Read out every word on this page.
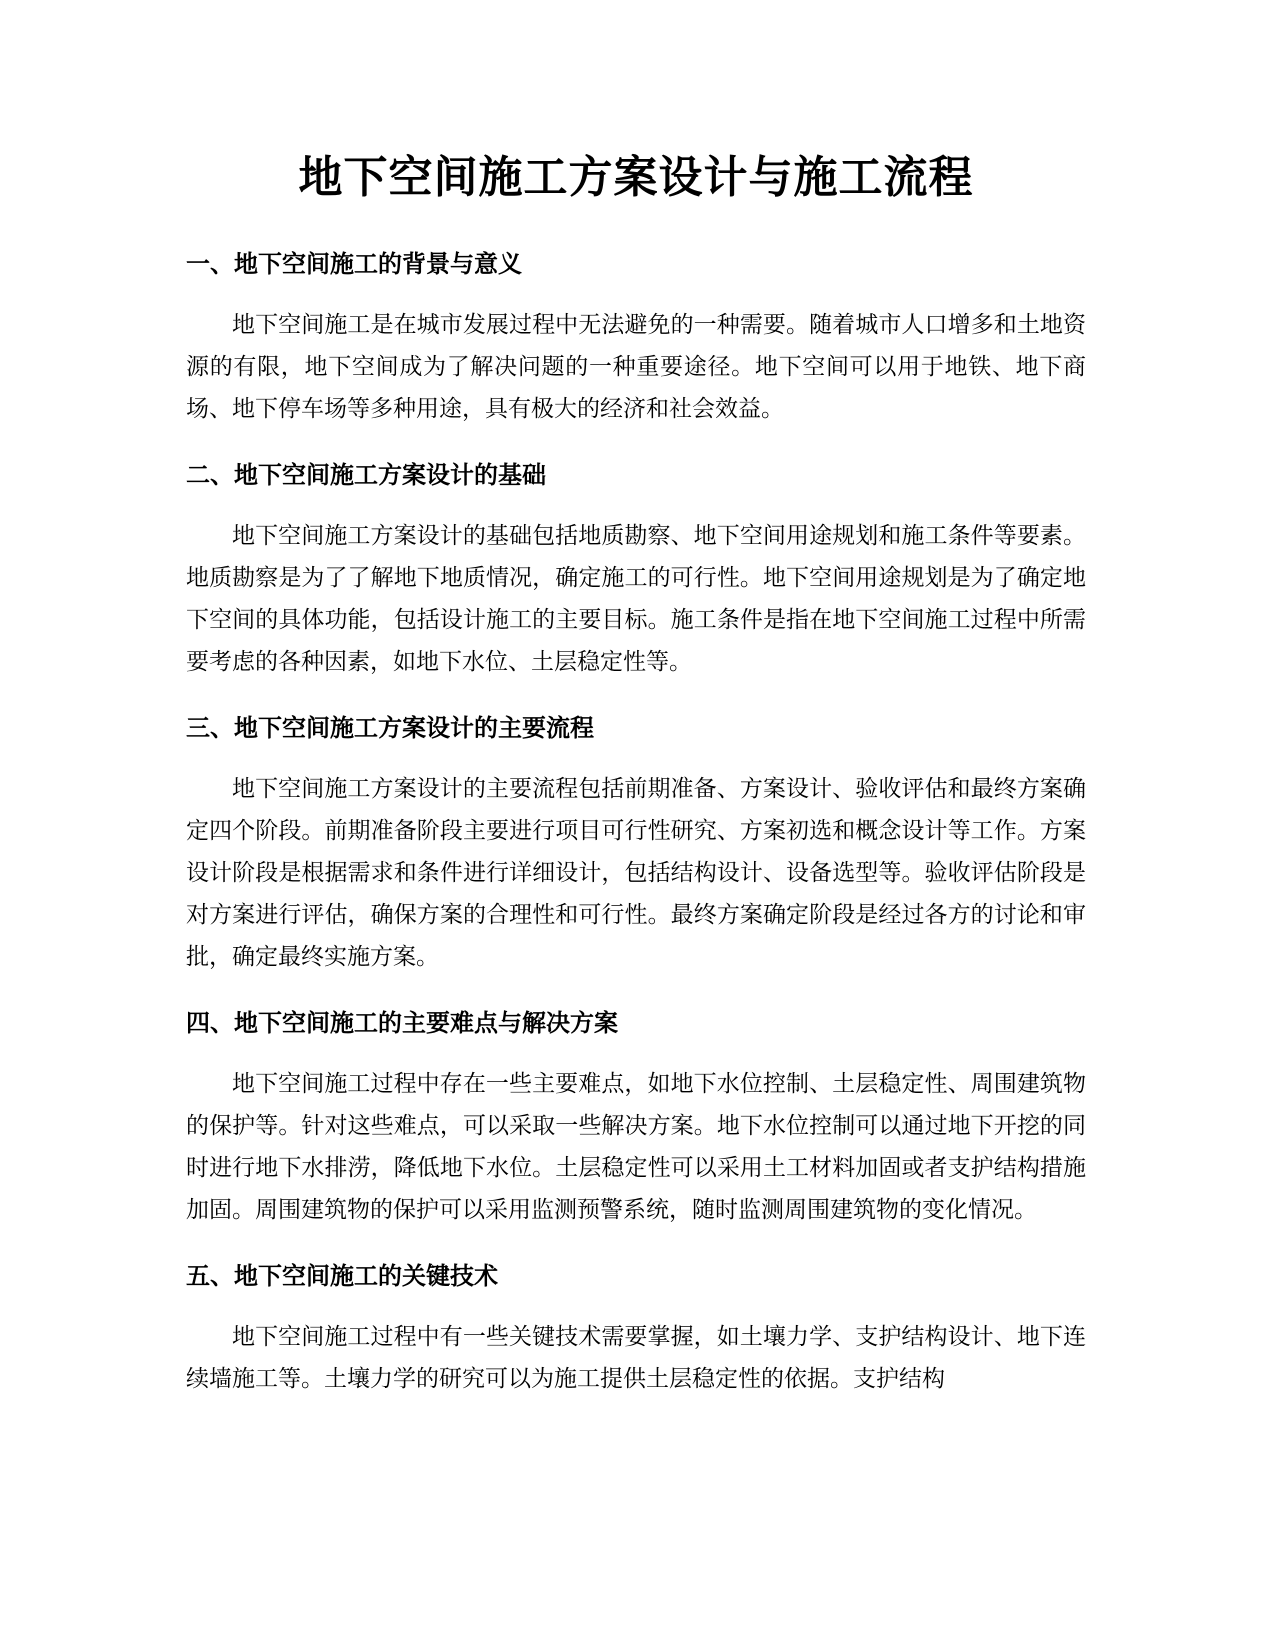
地下空间施工方案设计与施工流程
一、地下空间施工的背景与意义

地下空间施工是在城市发展过程中无法避免的一种需要。随着城市人口增多和土地资源的有限，地下空间成为了解决问题的一种重要途径。地下空间可以用于地铁、地下商场、地下停车场等多种用途，具有极大的经济和社会效益。

二、地下空间施工方案设计的基础

地下空间施工方案设计的基础包括地质勘察、地下空间用途规划和施工条件等要素。地质勘察是为了了解地下地质情况，确定施工的可行性。地下空间用途规划是为了确定地下空间的具体功能，包括设计施工的主要目标。施工条件是指在地下空间施工过程中所需要考虑的各种因素，如地下水位、土层稳定性等。

三、地下空间施工方案设计的主要流程

地下空间施工方案设计的主要流程包括前期准备、方案设计、验收评估和最终方案确定四个阶段。前期准备阶段主要进行项目可行性研究、方案初选和概念设计等工作。方案设计阶段是根据需求和条件进行详细设计，包括结构设计、设备选型等。验收评估阶段是对方案进行评估，确保方案的合理性和可行性。最终方案确定阶段是经过各方的讨论和审批，确定最终实施方案。

四、地下空间施工的主要难点与解决方案

地下空间施工过程中存在一些主要难点，如地下水位控制、土层稳定性、周围建筑物的保护等。针对这些难点，可以采取一些解决方案。地下水位控制可以通过地下开挖的同时进行地下水排涝，降低地下水位。土层稳定性可以采用土工材料加固或者支护结构措施加固。周围建筑物的保护可以采用监测预警系统，随时监测周围建筑物的变化情况。

五、地下空间施工的关键技术

地下空间施工过程中有一些关键技术需要掌握，如土壤力学、支护结构设计、地下连续墙施工等。土壤力学的研究可以为施工提供土层稳定性的依据。支护结构
